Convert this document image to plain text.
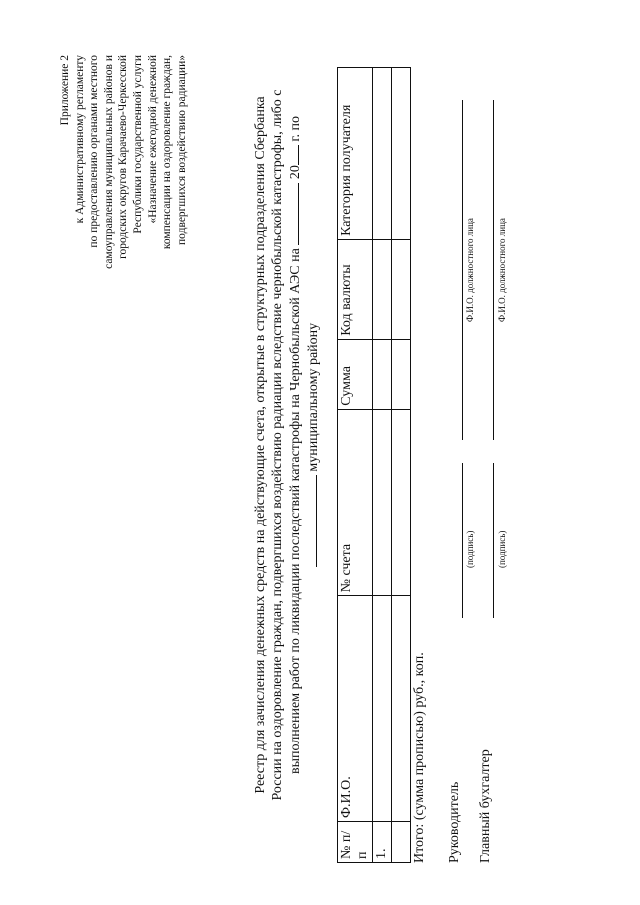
Приложение 2 к Административному регламенту по предоставлению органами местного самоуправления муниципальных районов и городских округов Карачаево-Черкесской Республики государственной услуги «Назначение ежегодной денежной компенсации на оздоровление граждан, подвергшихся воздействию радиации»	Реестр для зачисления денежных средств на действующие счета, открытые в структурных подразделения Сбербанка России на оздоровление граждан, подвергшихся воздействию радиации вследствие чернобыльской катастрофы, либо с выполнением работ по ликвидации последствий катастрофы на Чернобыльской АЭС на  20 г. по
муниципальному району
№ п/п	Ф.И.О.	№ счета	Сумма	Код валюты	Категория получателя
1.					
					Итого: (сумма прописью) руб., коп. Руководитель
(подпись)
Ф.И.О. должностного лица
Главный бухгалтер
(подпись)
Ф.И.О. должностного лица
